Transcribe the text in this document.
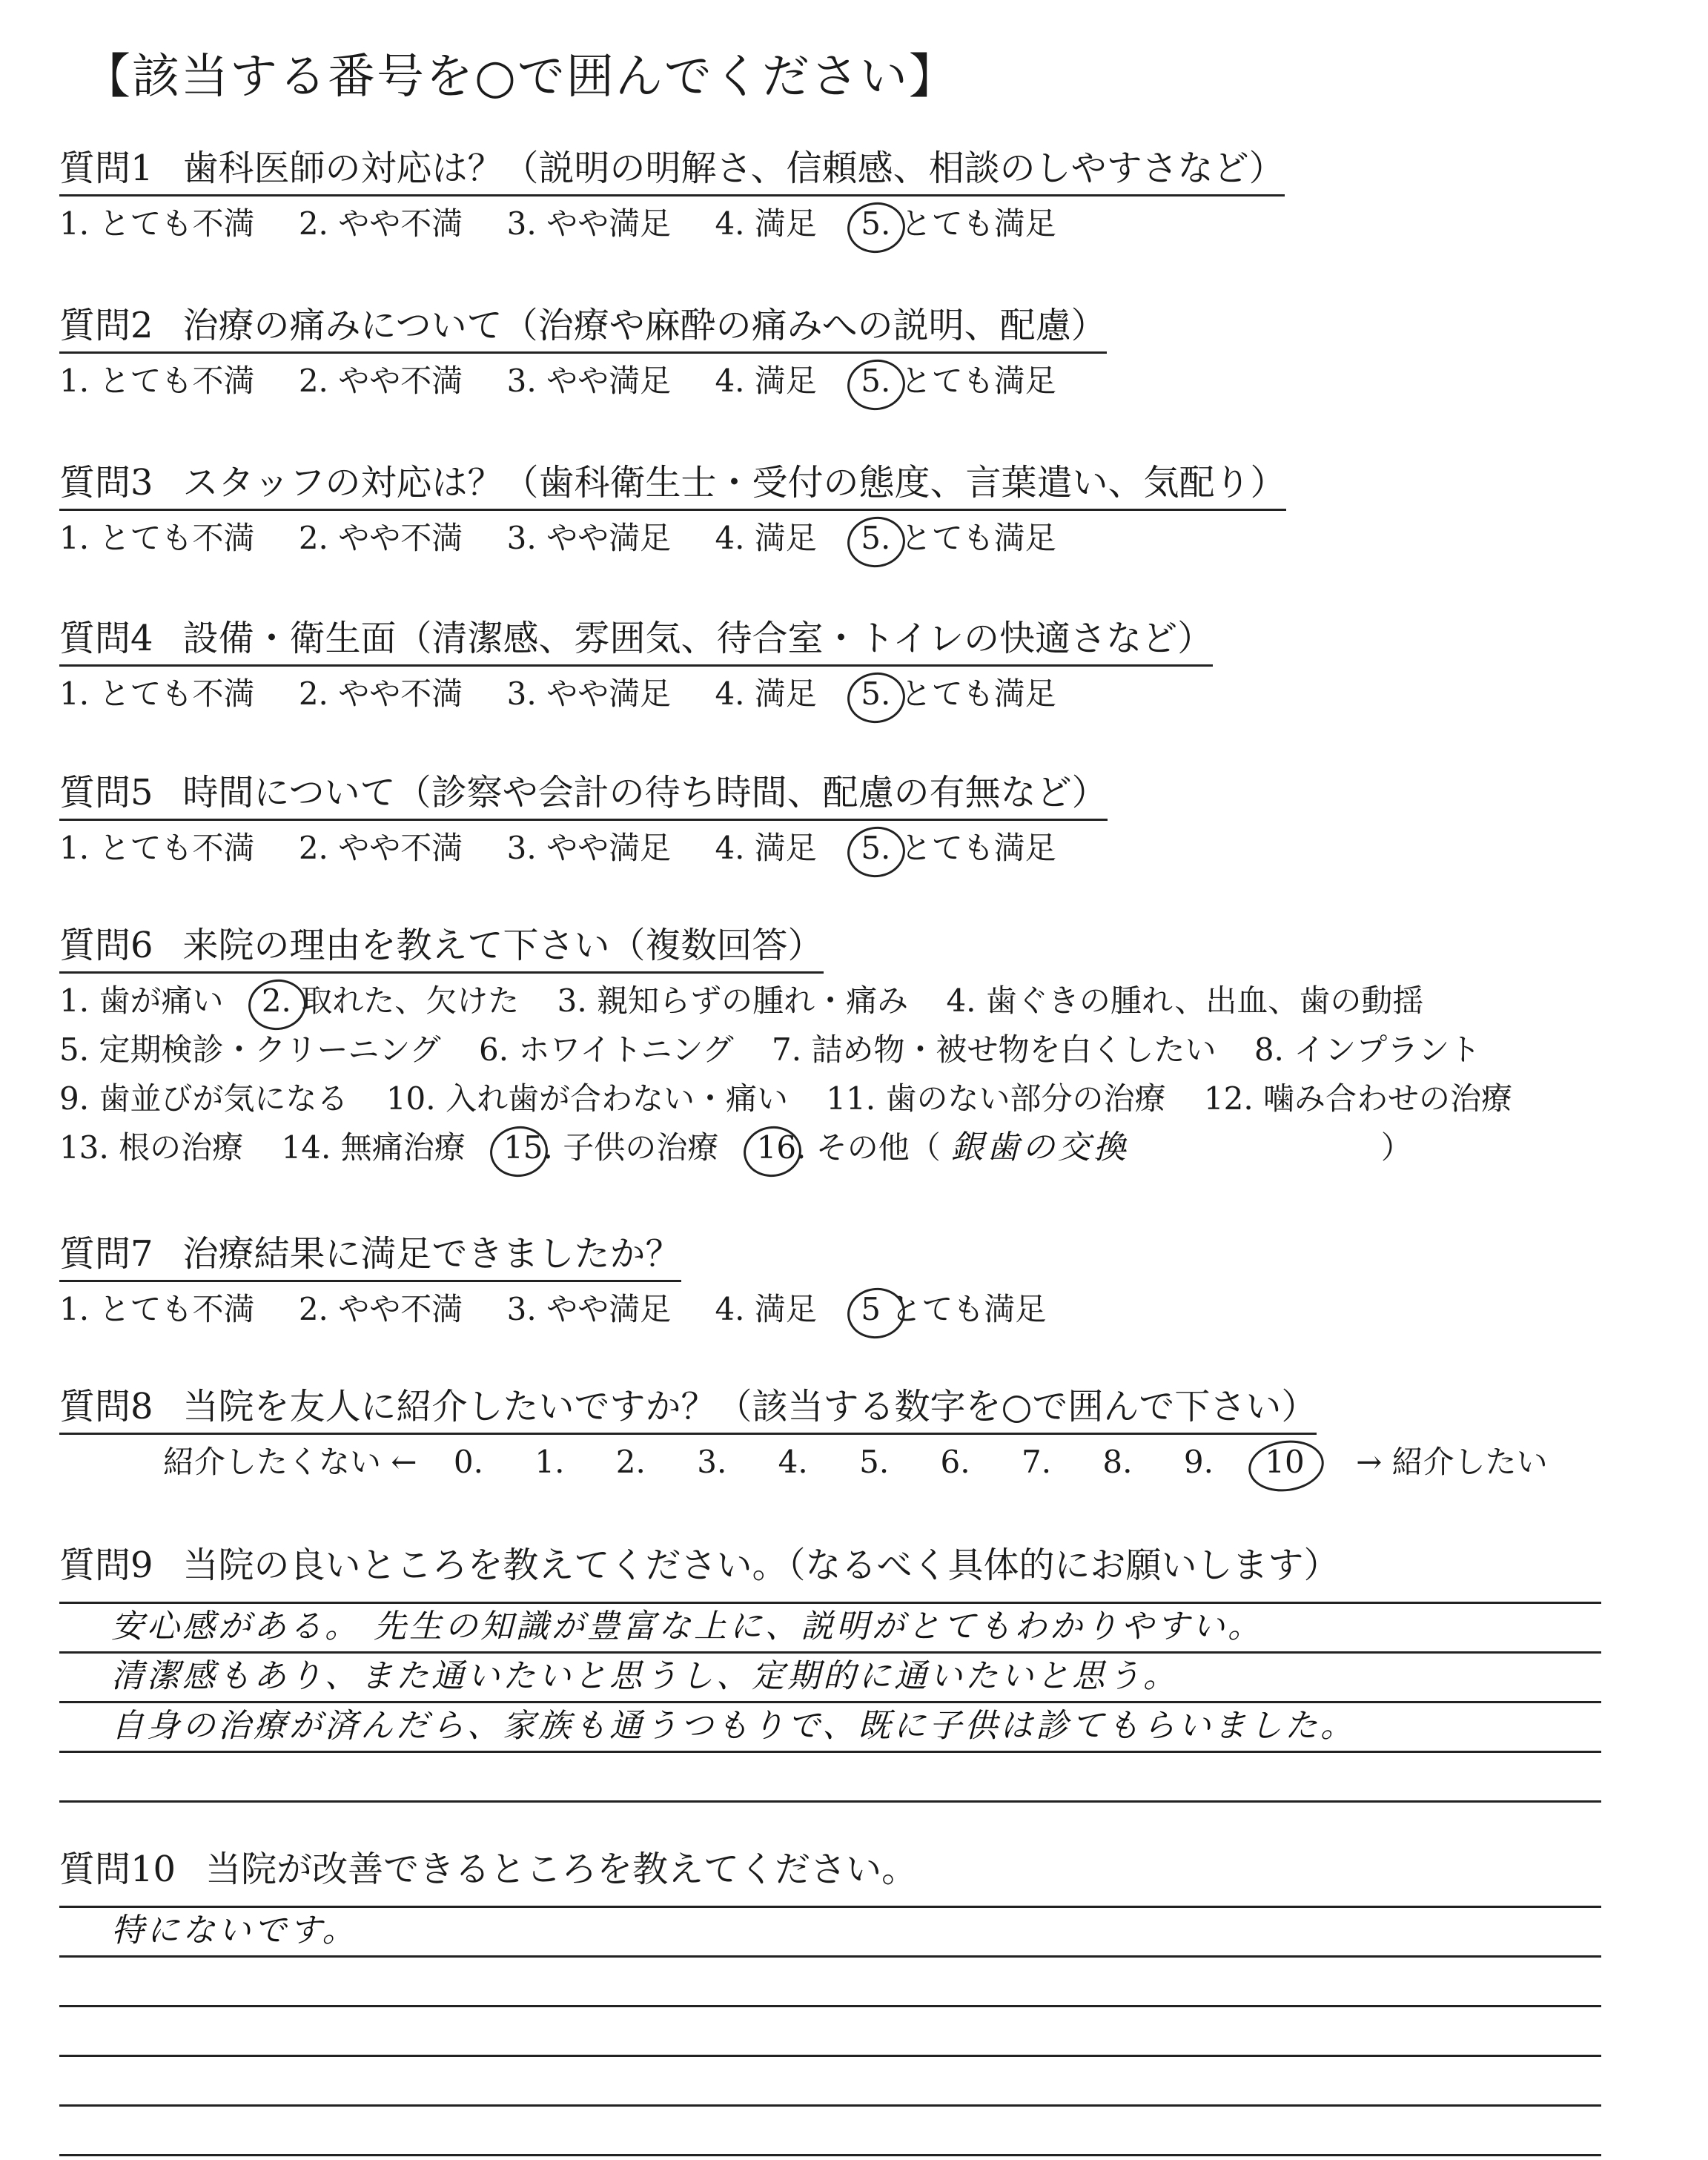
【該当する番号を○で囲んでください】
質問1 歯科医師の対応は？（説明の明解さ、信頼感、相談のしやすさなど）
1. とても不満 2. やや不満 3. やや満足 4. 満足 5. とても満足
質問2 治療の痛みについて（治療や麻酔の痛みへの説明、配慮）
1. とても不満 2. やや不満 3. やや満足 4. 満足 5. とても満足
質問3 スタッフの対応は？（歯科衛生士・受付の態度、言葉遣い、気配り）
1. とても不満 2. やや不満 3. やや満足 4. 満足 5. とても満足
質問4 設備・衛生面（清潔感、雰囲気、待合室・トイレの快適さなど）
1. とても不満 2. やや不満 3. やや満足 4. 満足 5. とても満足
質問5 時間について（診察や会計の待ち時間、配慮の有無など）
1. とても不満 2. やや不満 3. やや満足 4. 満足 5. とても満足
質問6 来院の理由を教えて下さい（複数回答）
1. 歯が痛い 2. 取れた、欠けた 3. 親知らずの腫れ・痛み 4. 歯ぐきの腫れ、出血、歯の動揺
5. 定期検診・クリーニング 6. ホワイトニング 7. 詰め物・被せ物を白くしたい 8. インプラント
9. 歯並びが気になる 10. 入れ歯が合わない・痛い 11. 歯のない部分の治療 12. 噛み合わせの治療
13. 根の治療 14. 無痛治療 15. 子供の治療 16. その他（ 銀歯の交換	）
質問7 治療結果に満足できましたか？
1. とても不満 2. やや不満 3. やや満足 4. 満足 5 とても満足
質問8 当院を友人に紹介したいですか？（該当する数字を○で囲んで下さい）
紹介したくない ← 0. 1. 2. 3. 4. 5. 6. 7. 8. 9. 10 → 紹介したい
質問9 当院の良いところを教えてください。（なるべく具体的にお願いします）
安心感がある。 先生の知識が豊富な上に、説明がとてもわかりやすい。
清潔感もあり、また通いたいと思うし、定期的に通いたいと思う。
自身の治療が済んだら、家族も通うつもりで、既に子供は診てもらいました。
質問10 当院が改善できるところを教えてください。
特にないです。
